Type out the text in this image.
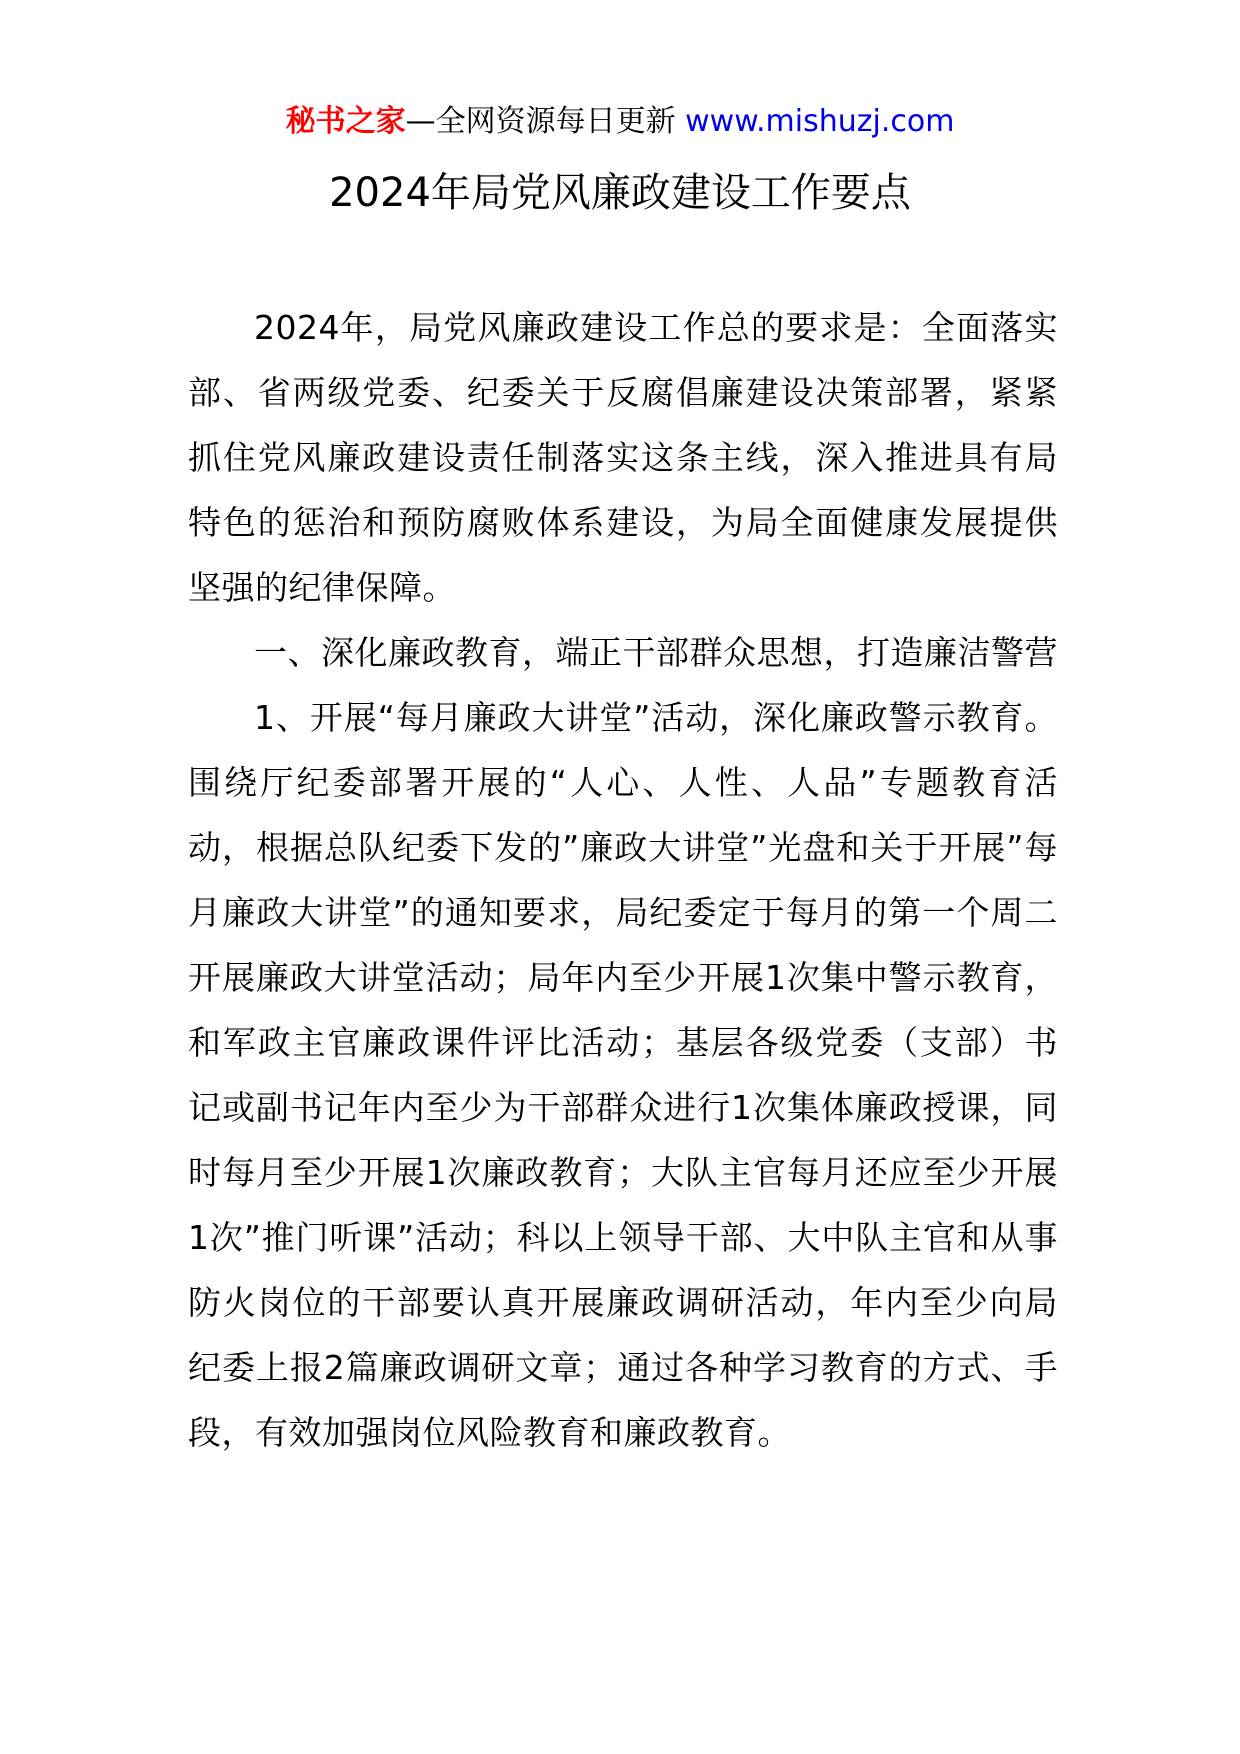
秘书之家—全网资源每日更新 www.mishuzj.com
2024年局党风廉政建设工作要点

2024年，局党风廉政建设工作总的要求是：全面落实部、省两级党委、纪委关于反腐倡廉建设决策部署，紧紧抓住党风廉政建设责任制落实这条主线，深入推进具有局特色的惩治和预防腐败体系建设，为局全面健康发展提供坚强的纪律保障。

一、深化廉政教育，端正干部群众思想，打造廉洁警营

1、开展“每月廉政大讲堂”活动，深化廉政警示教育。围绕厅纪委部署开展的“人心、人性、人品”专题教育活动，根据总队纪委下发的”廉政大讲堂”光盘和关于开展”每月廉政大讲堂”的通知要求，局纪委定于每月的第一个周二开展廉政大讲堂活动；局年内至少开展1次集中警示教育，和军政主官廉政课件评比活动；基层各级党委（支部）书记或副书记年内至少为干部群众进行1次集体廉政授课，同时每月至少开展1次廉政教育；大队主官每月还应至少开展1次”推门听课”活动；科以上领导干部、大中队主官和从事防火岗位的干部要认真开展廉政调研活动，年内至少向局纪委上报2篇廉政调研文章；通过各种学习教育的方式、手段，有效加强岗位风险教育和廉政教育。
